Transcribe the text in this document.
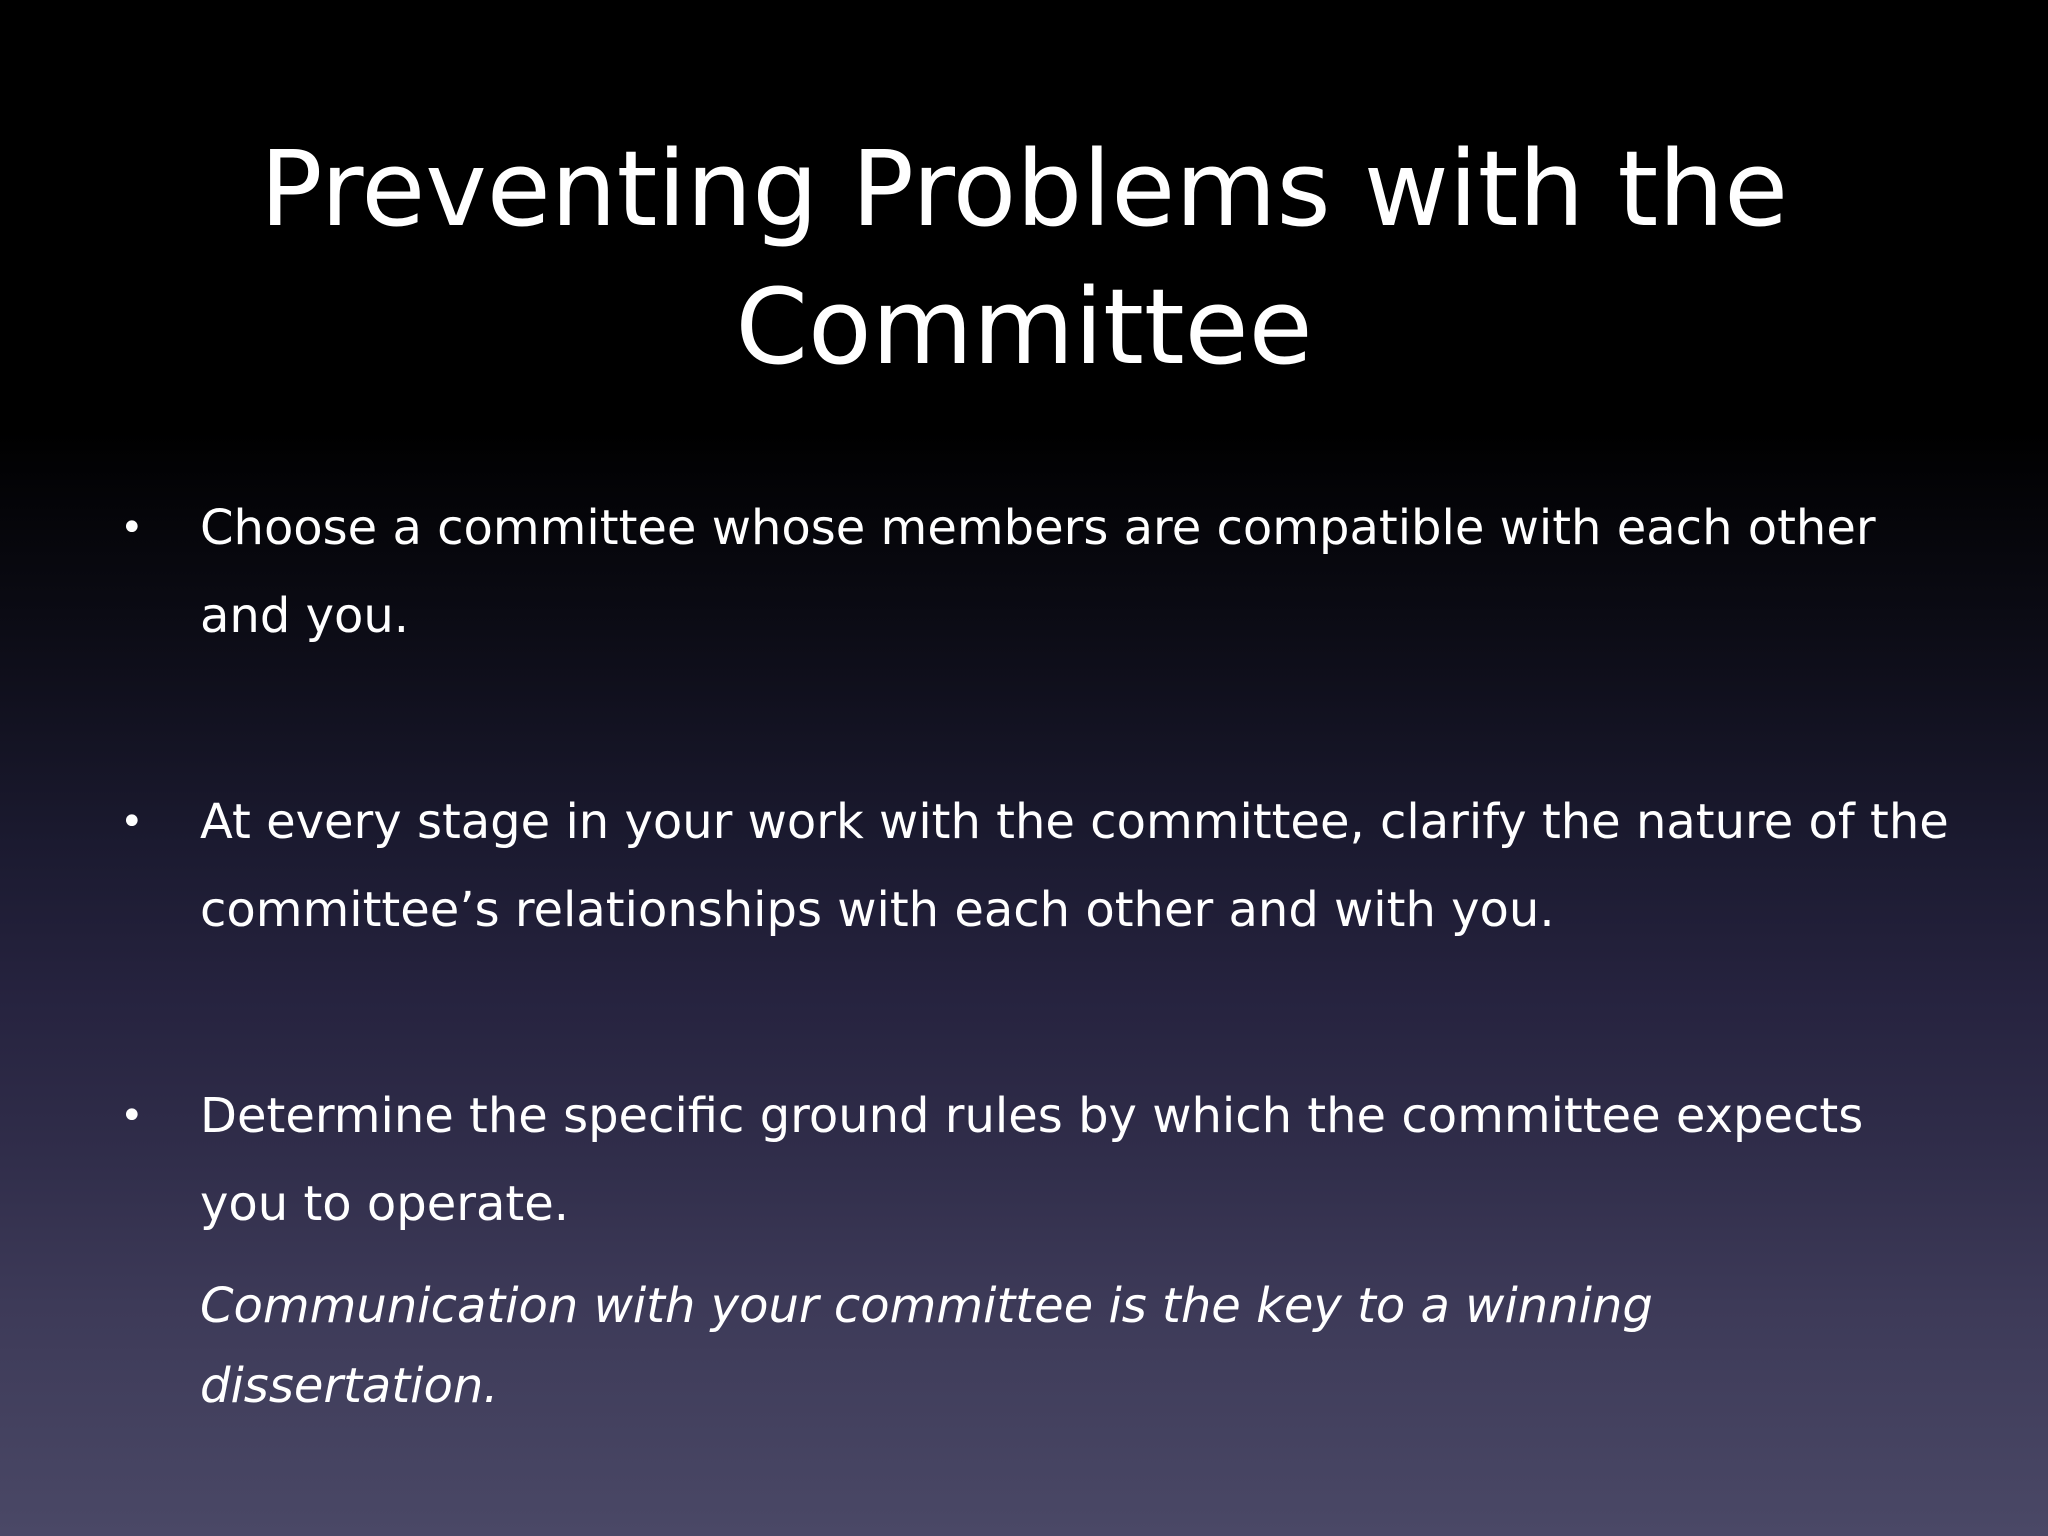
Preventing Problems with the Committee
• Choose a committee whose members are compatible with each other and you.
• At every stage in your work with the committee, clarify the nature of the committee’s relationships with each other and with you.
• Determine the specific ground rules by which the committee expects you to operate.
Communication with your committee is the key to a winning dissertation.
